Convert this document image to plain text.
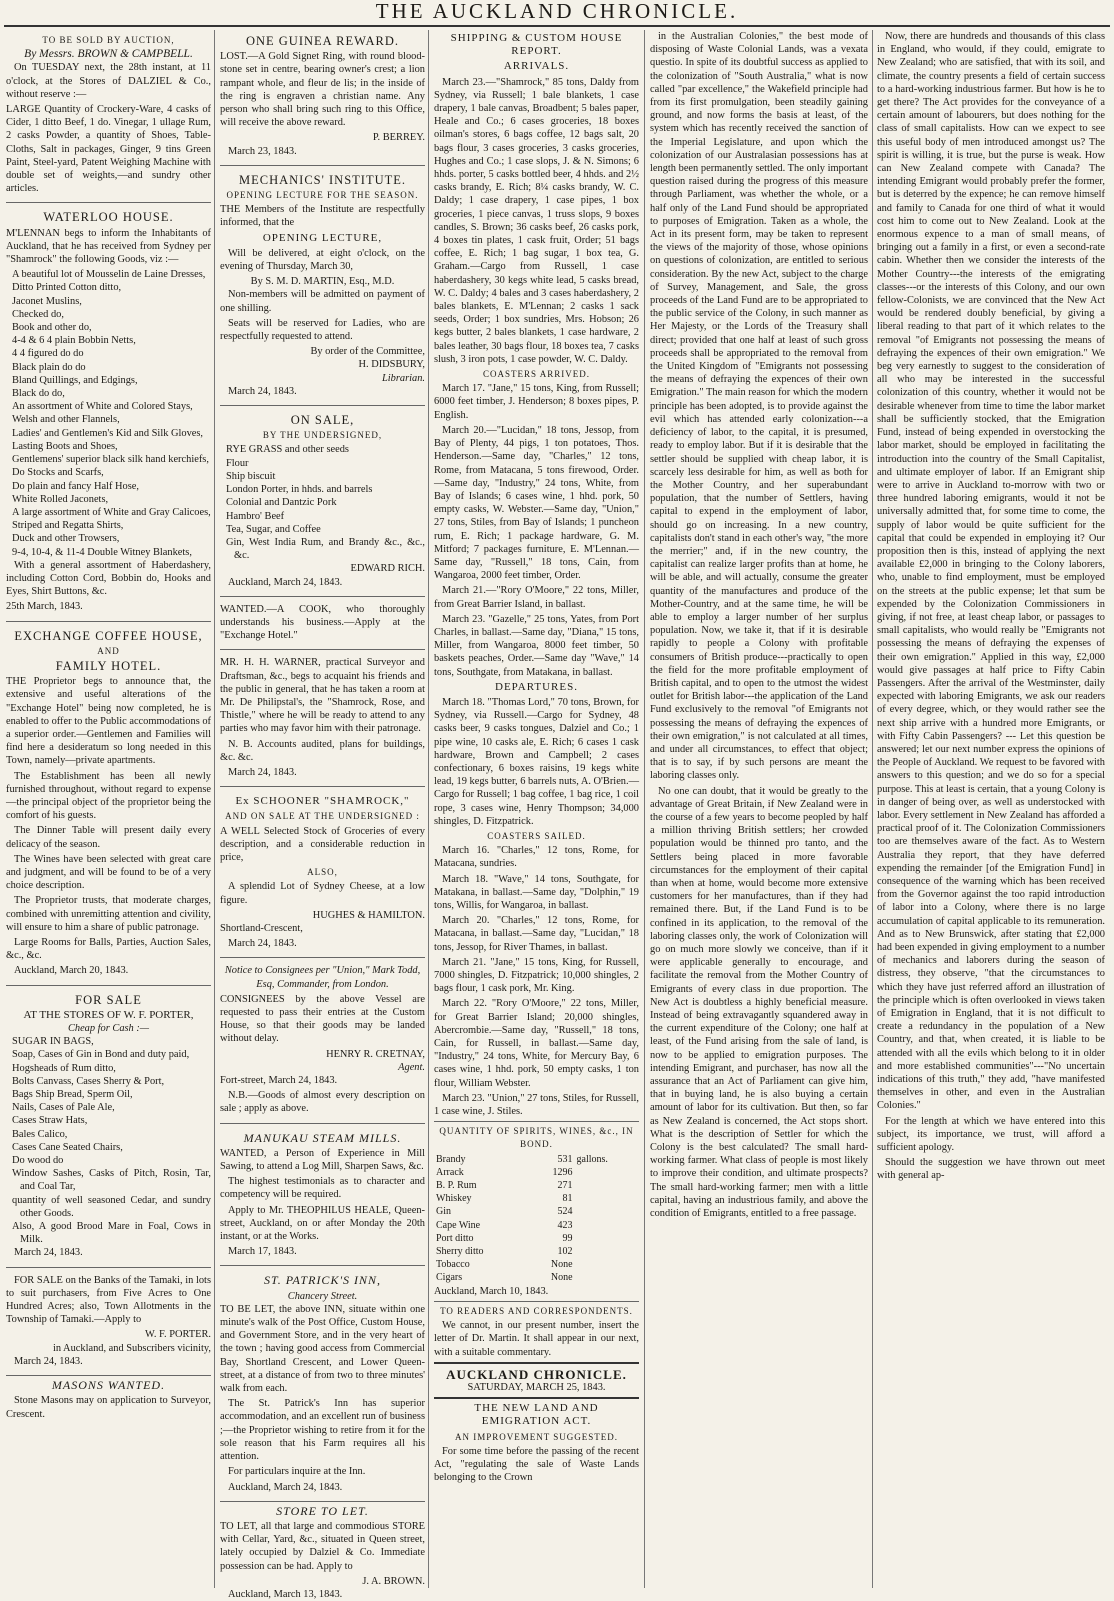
THE AUCKLAND CHRONICLE.
TO BE SOLD BY AUCTION,
By Messrs. BROWN & CAMPBELL.

On TUESDAY next, the 28th instant, at 11 o'clock, at the Stores of DALZIEL & Co., without reserve :—

LARGE Quantity of Crockery-Ware, 4 casks of Cider, 1 ditto Beef, 1 do. Vinegar, 1 ullage Rum, 2 casks Powder, a quantity of Shoes, Table-Cloths, Salt in packages, Ginger, 9 tins Green Paint, Steel-yard, Patent Weighing Machine with double set of weights,—and sundry other articles.

WATERLOO HOUSE.

M'LENNAN begs to inform the Inhabitants of Auckland, that he has received from Sydney per "Shamrock" the following Goods, viz :—

A beautiful lot of Mousselin de Laine Dresses,
Ditto Printed Cotton ditto,
Jaconet Muslins,
Checked do,
Book and other do,
4-4 & 6 4 plain Bobbin Netts,
4 4 figured do do
Black plain do do
Bland Quillings, and Edgings,
Black do do,
An assortment of White and Colored Stays,
Welsh and other Flannels,
Ladies' and Gentlemen's Kid and Silk Gloves,
Lasting Boots and Shoes,
Gentlemens' superior black silk hand kerchiefs,
Do Stocks and Scarfs,
Do plain and fancy Half Hose,
White Rolled Jaconets,
A large assortment of White and Gray Calicoes,
Striped and Regatta Shirts,
Duck and other Trowsers,
9-4, 10-4, & 11-4 Double Witney Blankets,

With a general assortment of Haberdashery, including Cotton Cord, Bobbin do, Hooks and Eyes, Shirt Buttons, &c.

25th March, 1843.

EXCHANGE COFFEE HOUSE,
AND
FAMILY HOTEL.

THE Proprietor begs to announce that, the extensive and useful alterations of the "Exchange Hotel" being now completed, he is enabled to offer to the Public accommodations of a superior order.—Gentlemen and Families will find here a desideratum so long needed in this Town, namely—private apartments.

The Establishment has been all newly furnished throughout, without regard to expense—the principal object of the proprietor being the comfort of his guests.

The Dinner Table will present daily every delicacy of the season.

The Wines have been selected with great care and judgment, and will be found to be of a very choice description.

The Proprietor trusts, that moderate charges, combined with unremitting attention and civility, will ensure to him a share of public patronage.

Large Rooms for Balls, Parties, Auction Sales, &c., &c.

Auckland, March 20, 1843.

FOR SALE
AT THE STORES OF W. F. PORTER,
Cheap for Cash :—
SUGAR IN BAGS,
Soap, Cases of Gin in Bond and duty paid,
Hogsheads of Rum ditto,
Bolts Canvass, Cases Sherry & Port,
Bags Ship Bread, Sperm Oil,
Nails, Cases of Pale Ale,
Cases Straw Hats,
Bales Calico,
Cases Cane Seated Chairs,
Do wood do
Window Sashes, Casks of Pitch, Rosin, Tar, and Coal Tar,
quantity of well seasoned Cedar, and sundry other Goods.
Also, A good Brood Mare in Foal, Cows in Milk.

March 24, 1843.

FOR SALE on the Banks of the Tamaki, in lots to suit purchasers, from Five Acres to One Hundred Acres; also, Town Allotments in the Township of Tamaki.—Apply to

W. F. PORTER.
in Auckland, and Subscribers vicinity,

March 24, 1843.

MASONS WANTED.

Stone Masons may on application to Surveyor, Crescent.

ONE GUINEA REWARD.

LOST.—A Gold Signet Ring, with round blood-stone set in centre, bearing owner's crest; a lion rampant whole, and fleur de lis; in the inside of the ring is engraven a christian name. Any person who shall bring such ring to this Office, will receive the above reward.

P. BERREY.

March 23, 1843.

MECHANICS' INSTITUTE.
OPENING LECTURE FOR THE SEASON.

THE Members of the Institute are respectfully informed, that the

OPENING LECTURE,

Will be delivered, at eight o'clock, on the evening of Thursday, March 30,

By S. M. D. MARTIN, Esq., M.D.

Non-members will be admitted on payment of one shilling.

Seats will be reserved for Ladies, who are respectfully requested to attend.

By order of the Committee,
H. DIDSBURY,
Librarian.

March 24, 1843.

ON SALE,
BY THE UNDERSIGNED,
RYE GRASS and other seeds
Flour
Ship biscuit
London Porter, in hhds. and barrels
Colonial and Dantzic Pork
Hambro' Beef
Tea, Sugar, and Coffee
Gin, West India Rum, and Brandy &c., &c., &c.
EDWARD RICH.

Auckland, March 24, 1843.

WANTED.—A COOK, who thoroughly understands his business.—Apply at the "Exchange Hotel."

MR. H. H. WARNER, practical Surveyor and Draftsman, &c., begs to acquaint his friends and the public in general, that he has taken a room at Mr. De Philipstal's, the "Shamrock, Rose, and Thistle," where he will be ready to attend to any parties who may favor him with their patronage.

N. B. Accounts audited, plans for buildings, &c. &c.

March 24, 1843.

Ex SCHOONER "SHAMROCK,"
AND ON SALE AT THE UNDERSIGNED :

A WELL Selected Stock of Groceries of every description, and a considerable reduction in price,

ALSO,

A splendid Lot of Sydney Cheese, at a low figure.

HUGHES & HAMILTON.

Shortland-Crescent,

March 24, 1843.

Notice to Consignees per "Union," Mark Todd, Esq, Commander, from London.

CONSIGNEES by the above Vessel are requested to pass their entries at the Custom House, so that their goods may be landed without delay.

HENRY R. CRETNAY,
Agent.

Fort-street, March 24, 1843.

N.B.—Goods of almost every description on sale ; apply as above.

MANUKAU STEAM MILLS.

WANTED, a Person of Experience in Mill Sawing, to attend a Log Mill, Sharpen Saws, &c.

The highest testimonials as to character and competency will be required.

Apply to Mr. THEOPHILUS HEALE, Queen-street, Auckland, on or after Monday the 20th instant, or at the Works.

March 17, 1843.

ST. PATRICK'S INN,
Chancery Street.

TO BE LET, the above INN, situate within one minute's walk of the Post Office, Custom House, and Government Store, and in the very heart of the town ; having good access from Commercial Bay, Shortland Crescent, and Lower Queen-street, at a distance of from two to three minutes' walk from each.

The St. Patrick's Inn has superior accommodation, and an excellent run of business ;—the Proprietor wishing to retire from it for the sole reason that his Farm requires all his attention.

For particulars inquire at the Inn.

Auckland, March 24, 1843.

STORE TO LET.

TO LET, all that large and commodious STORE with Cellar, Yard, &c., situated in Queen street, lately occupied by Dalziel & Co. Immediate possession can be had. Apply to

J. A. BROWN.

Auckland, March 13, 1843.

SHIPPING & CUSTOM HOUSE REPORT.
ARRIVALS.

March 23.—"Shamrock," 85 tons, Daldy from Sydney, via Russell; 1 bale blankets, 1 case drapery, 1 bale canvas, Broadbent; 5 bales paper, Heale and Co.; 6 cases groceries, 18 boxes oilman's stores, 6 bags coffee, 12 bags salt, 20 bags flour, 3 cases groceries, 3 casks groceries, Hughes and Co.; 1 case slops, J. & N. Simons; 6 hhds. porter, 5 casks bottled beer, 4 hhds. and 2½ casks brandy, E. Rich; 8¼ casks brandy, W. C. Daldy; 1 case drapery, 1 case pipes, 1 box groceries, 1 piece canvas, 1 truss slops, 9 boxes candles, S. Brown; 36 casks beef, 26 casks pork, 4 boxes tin plates, 1 cask fruit, Order; 51 bags coffee, E. Rich; 1 bag sugar, 1 box tea, G. Graham.—Cargo from Russell, 1 case haberdashery, 30 kegs white lead, 5 casks bread, W. C. Daldy; 4 bales and 3 cases haberdashery, 2 bales blankets, E. M'Lennan; 2 casks 1 sack seeds, Order; 1 box sundries, Mrs. Hobson; 26 kegs butter, 2 bales blankets, 1 case hardware, 2 bales leather, 30 bags flour, 18 boxes tea, 7 casks slush, 3 iron pots, 1 case powder, W. C. Daldy.

COASTERS ARRIVED.

March 17. "Jane," 15 tons, King, from Russell; 6000 feet timber, J. Henderson; 8 boxes pipes, P. English.

March 20.—"Lucidan," 18 tons, Jessop, from Bay of Plenty, 44 pigs, 1 ton potatoes, Thos. Henderson.—Same day, "Charles," 12 tons, Rome, from Matacana, 5 tons firewood, Order.—Same day, "Industry," 24 tons, White, from Bay of Islands; 6 cases wine, 1 hhd. pork, 50 empty casks, W. Webster.—Same day, "Union," 27 tons, Stiles, from Bay of Islands; 1 puncheon rum, E. Rich; 1 package hardware, G. M. Mitford; 7 packages furniture, E. M'Lennan.—Same day, "Russell," 18 tons, Cain, from Wangaroa, 2000 feet timber, Order.

March 21.—"Rory O'Moore," 22 tons, Miller, from Great Barrier Island, in ballast.

March 23. "Gazelle," 25 tons, Yates, from Port Charles, in ballast.—Same day, "Diana," 15 tons, Miller, from Wangaroa, 8000 feet timber, 50 baskets peaches, Order.—Same day "Wave," 14 tons, Southgate, from Matakana, in ballast.

DEPARTURES.

March 18. "Thomas Lord," 70 tons, Brown, for Sydney, via Russell.—Cargo for Sydney, 48 casks beer, 9 casks tongues, Dalziel and Co.; 1 pipe wine, 10 casks ale, E. Rich; 6 cases 1 cask hardware, Brown and Campbell; 2 cases confectionary, 6 boxes raisins, 19 kegs white lead, 19 kegs butter, 6 barrels nuts, A. O'Brien.—Cargo for Russell; 1 bag coffee, 1 bag rice, 1 coil rope, 3 cases wine, Henry Thompson; 34,000 shingles, D. Fitzpatrick.

COASTERS SAILED.

March 16. "Charles," 12 tons, Rome, for Matacana, sundries.

March 18. "Wave," 14 tons, Southgate, for Matakana, in ballast.—Same day, "Dolphin," 19 tons, Willis, for Wangaroa, in ballast.

March 20. "Charles," 12 tons, Rome, for Matacana, in ballast.—Same day, "Lucidan," 18 tons, Jessop, for River Thames, in ballast.

March 21. "Jane," 15 tons, King, for Russell, 7000 shingles, D. Fitzpatrick; 10,000 shingles, 2 bags flour, 1 cask pork, Mr. King.

March 22. "Rory O'Moore," 22 tons, Miller, for Great Barrier Island; 20,000 shingles, Abercrombie.—Same day, "Russell," 18 tons, Cain, for Russell, in ballast.—Same day, "Industry," 24 tons, White, for Mercury Bay, 6 cases wine, 1 hhd. pork, 50 empty casks, 1 ton flour, William Webster.

March 23. "Union," 27 tons, Stiles, for Russell, 1 case wine, J. Stiles.

QUANTITY OF SPIRITS, WINES, &c., IN BOND.
Brandy	531	gallons.
Arrack	1296	
B. P. Rum	271	
Whiskey	81	
Gin	524	
Cape Wine	423	
Port ditto	99	
Sherry ditto	102	
Tobacco	None	
Cigars	None	

Auckland, March 10, 1843.

TO READERS AND CORRESPONDENTS.

We cannot, in our present number, insert the letter of Dr. Martin. It shall appear in our next, with a suitable commentary.

AUCKLAND CHRONICLE.
SATURDAY, MARCH 25, 1843.
THE NEW LAND AND EMIGRATION ACT.
AN IMPROVEMENT SUGGESTED.

For some time before the passing of the recent Act, "regulating the sale of Waste Lands belonging to the Crown

in the Australian Colonies," the best mode of disposing of Waste Colonial Lands, was a vexata questio. In spite of its doubtful success as applied to the colonization of "South Australia," what is now called "par excellence," the Wakefield principle had from its first promulgation, been steadily gaining ground, and now forms the basis at least, of the system which has recently received the sanction of the Imperial Legislature, and upon which the colonization of our Australasian possessions has at length been permanently settled. The only important question raised during the progress of this measure through Parliament, was whether the whole, or a half only of the Land Fund should be appropriated to purposes of Emigration. Taken as a whole, the Act in its present form, may be taken to represent the views of the majority of those, whose opinions on questions of colonization, are entitled to serious consideration. By the new Act, subject to the charge of Survey, Management, and Sale, the gross proceeds of the Land Fund are to be appropriated to the public service of the Colony, in such manner as Her Majesty, or the Lords of the Treasury shall direct; provided that one half at least of such gross proceeds shall be appropriated to the removal from the United Kingdom of "Emigrants not possessing the means of defraying the expences of their own Emigration." The main reason for which the modern principle has been adopted, is to provide against the evil which has attended early colonization---a deficiency of labor, to the capital, it is presumed, ready to employ labor. But if it is desirable that the settler should be supplied with cheap labor, it is scarcely less desirable for him, as well as both for the Mother Country, and her superabundant population, that the number of Settlers, having capital to expend in the employment of labor, should go on increasing. In a new country, capitalists don't stand in each other's way, "the more the merrier;" and, if in the new country, the capitalist can realize larger profits than at home, he will be able, and will actually, consume the greater quantity of the manufactures and produce of the Mother-Country, and at the same time, he will be able to employ a larger number of her surplus population. Now, we take it, that if it is desirable rapidly to people a Colony with profitable consumers of British produce---practically to open the field for the more profitable employment of British capital, and to open to the utmost the widest outlet for British labor---the application of the Land Fund exclusively to the removal "of Emigrants not possessing the means of defraying the expences of their own emigration," is not calculated at all times, and under all circumstances, to effect that object; that is to say, if by such persons are meant the laboring classes only.

No one can doubt, that it would be greatly to the advantage of Great Britain, if New Zealand were in the course of a few years to become peopled by half a million thriving British settlers; her crowded population would be thinned pro tanto, and the Settlers being placed in more favorable circumstances for the employment of their capital than when at home, would become more extensive customers for her manufactures, than if they had remained there. But, if the Land Fund is to be confined in its application, to the removal of the laboring classes only, the work of Colonization will go on much more slowly we conceive, than if it were applicable generally to encourage, and facilitate the removal from the Mother Country of Emigrants of every class in due proportion. The New Act is doubtless a highly beneficial measure. Instead of being extravagantly squandered away in the current expenditure of the Colony; one half at least, of the Fund arising from the sale of land, is now to be applied to emigration purposes. The intending Emigrant, and purchaser, has now all the assurance that an Act of Parliament can give him, that in buying land, he is also buying a certain amount of labor for its cultivation. But then, so far as New Zealand is concerned, the Act stops short. What is the description of Settler for which the Colony is the best calculated? The small hard-working farmer. What class of people is most likely to improve their condition, and ultimate prospects? The small hard-working farmer; men with a little capital, having an industrious family, and above the condition of Emigrants, entitled to a free passage.

Now, there are hundreds and thousands of this class in England, who would, if they could, emigrate to New Zealand; who are satisfied, that with its soil, and climate, the country presents a field of certain success to a hard-working industrious farmer. But how is he to get there? The Act provides for the conveyance of a certain amount of labourers, but does nothing for the class of small capitalists. How can we expect to see this useful body of men introduced amongst us? The spirit is willing, it is true, but the purse is weak. How can New Zealand compete with Canada? The intending Emigrant would probably prefer the former, but is deterred by the expence; he can remove himself and family to Canada for one third of what it would cost him to come out to New Zealand. Look at the enormous expence to a man of small means, of bringing out a family in a first, or even a second-rate cabin. Whether then we consider the interests of the Mother Country---the interests of the emigrating classes---or the interests of this Colony, and our own fellow-Colonists, we are convinced that the New Act would be rendered doubly beneficial, by giving a liberal reading to that part of it which relates to the removal "of Emigrants not possessing the means of defraying the expences of their own emigration." We beg very earnestly to suggest to the consideration of all who may be interested in the successful colonization of this country, whether it would not be desirable whenever from time to time the labor market shall be sufficiently stocked, that the Emigration Fund, instead of being expended in overstocking the labor market, should be employed in facilitating the introduction into the country of the Small Capitalist, and ultimate employer of labor. If an Emigrant ship were to arrive in Auckland to-morrow with two or three hundred laboring emigrants, would it not be universally admitted that, for some time to come, the supply of labor would be quite sufficient for the capital that could be expended in employing it? Our proposition then is this, instead of applying the next available £2,000 in bringing to the Colony laborers, who, unable to find employment, must be employed on the streets at the public expense; let that sum be expended by the Colonization Commissioners in giving, if not free, at least cheap labor, or passages to small capitalists, who would really be "Emigrants not possessing the means of defraying the expenses of their own emigration." Applied in this way, £2,000 would give passages at half price to Fifty Cabin Passengers. After the arrival of the Westminster, daily expected with laboring Emigrants, we ask our readers of every degree, which, or they would rather see the next ship arrive with a hundred more Emigrants, or with Fifty Cabin Passengers? --- Let this question be answered; let our next number express the opinions of the People of Auckland. We request to be favored with answers to this question; and we do so for a special purpose. This at least is certain, that a young Colony is in danger of being over, as well as understocked with labor. Every settlement in New Zealand has afforded a practical proof of it. The Colonization Commissioners too are themselves aware of the fact. As to Western Australia they report, that they have deferred expending the remainder [of the Emigration Fund] in consequence of the warning which has been received from the Governor against the too rapid introduction of labor into a Colony, where there is no large accumulation of capital applicable to its remuneration. And as to New Brunswick, after stating that £2,000 had been expended in giving employment to a number of mechanics and laborers during the season of distress, they observe, "that the circumstances to which they have just referred afford an illustration of the principle which is often overlooked in views taken of Emigration in England, that it is not difficult to create a redundancy in the population of a New Country, and that, when created, it is liable to be attended with all the evils which belong to it in older and more established communities"---"No uncertain indications of this truth," they add, "have manifested themselves in other, and even in the Australian Colonies."

For the length at which we have entered into this subject, its importance, we trust, will afford a sufficient apology.

Should the suggestion we have thrown out meet with general ap-
